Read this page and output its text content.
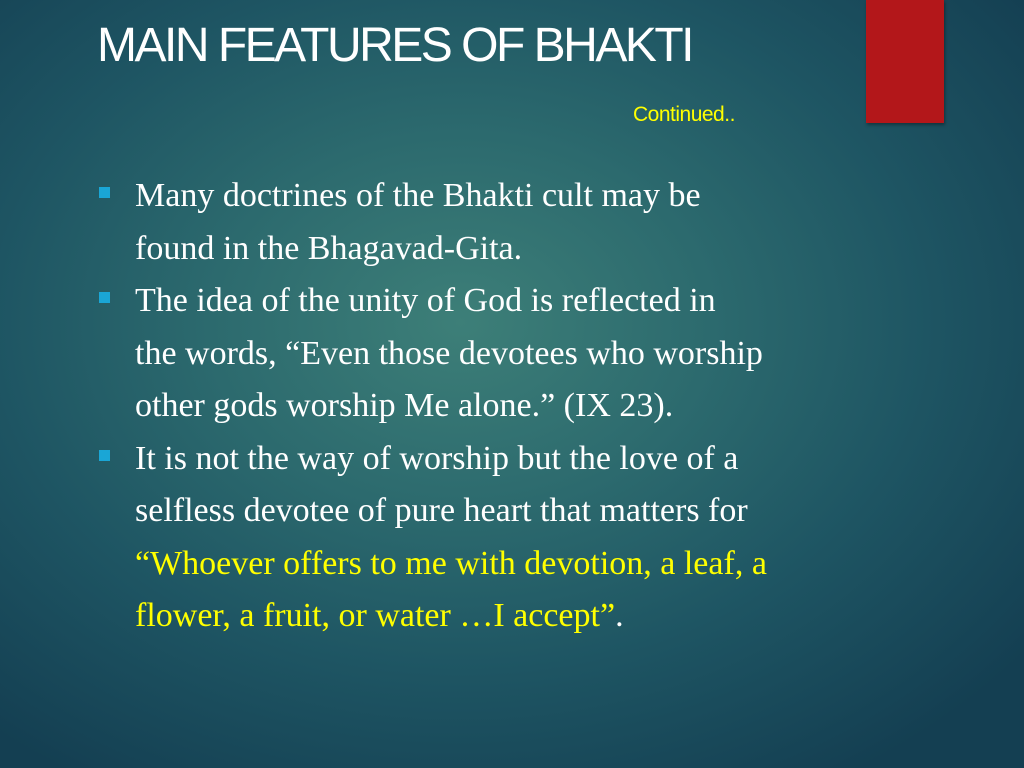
MAIN FEATURES OF BHAKTI
Continued..
Many doctrines of the Bhakti cult may be
found in the Bhagavad-Gita.
The idea of the unity of God is reflected in
the words, “Even those devotees who worship
other gods worship Me alone.” (IX 23).
It is not the way of worship but the love of a
selfless devotee of pure heart that matters for
“Whoever offers to me with devotion, a leaf, a
flower, a fruit, or water …I accept”.
